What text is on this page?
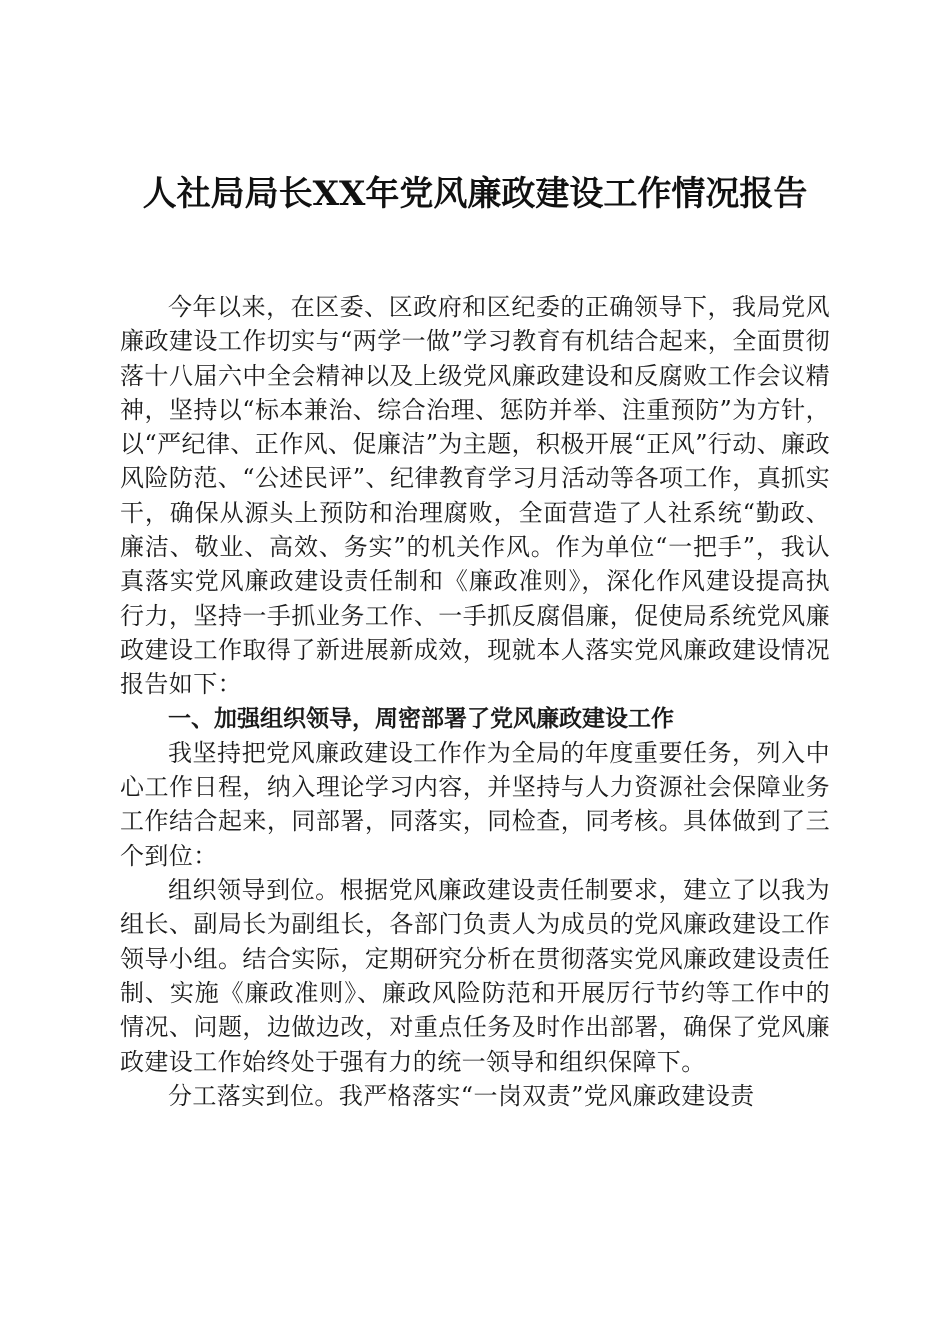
人社局局长XX年党风廉政建设工作情况报告

今年以来，在区委、区政府和区纪委的正确领导下，我局党风廉政建设工作切实与“两学一做”学习教育有机结合起来，全面贯彻落十八届六中全会精神以及上级党风廉政建设和反腐败工作会议精神，坚持以“标本兼治、综合治理、惩防并举、注重预防”为方针，以“严纪律、正作风、促廉洁”为主题，积极开展“正风”行动、廉政风险防范、“公述民评”、纪律教育学习月活动等各项工作，真抓实干，确保从源头上预防和治理腐败，全面营造了人社系统“勤政、廉洁、敬业、高效、务实”的机关作风。作为单位“一把手”，我认真落实党风廉政建设责任制和《廉政准则》，深化作风建设提高执行力，坚持一手抓业务工作、一手抓反腐倡廉，促使局系统党风廉政建设工作取得了新进展新成效，现就本人落实党风廉政建设情况报告如下：

一、加强组织领导，周密部署了党风廉政建设工作

我坚持把党风廉政建设工作作为全局的年度重要任务，列入中心工作日程，纳入理论学习内容，并坚持与人力资源社会保障业务工作结合起来，同部署，同落实，同检查，同考核。具体做到了三个到位：

组织领导到位。根据党风廉政建设责任制要求，建立了以我为组长、副局长为副组长，各部门负责人为成员的党风廉政建设工作领导小组。结合实际，定期研究分析在贯彻落实党风廉政建设责任制、实施《廉政准则》、廉政风险防范和开展厉行节约等工作中的情况、问题，边做边改，对重点任务及时作出部署，确保了党风廉政建设工作始终处于强有力的统一领导和组织保障下。

分工落实到位。我严格落实“一岗双责”党风廉政建设责
